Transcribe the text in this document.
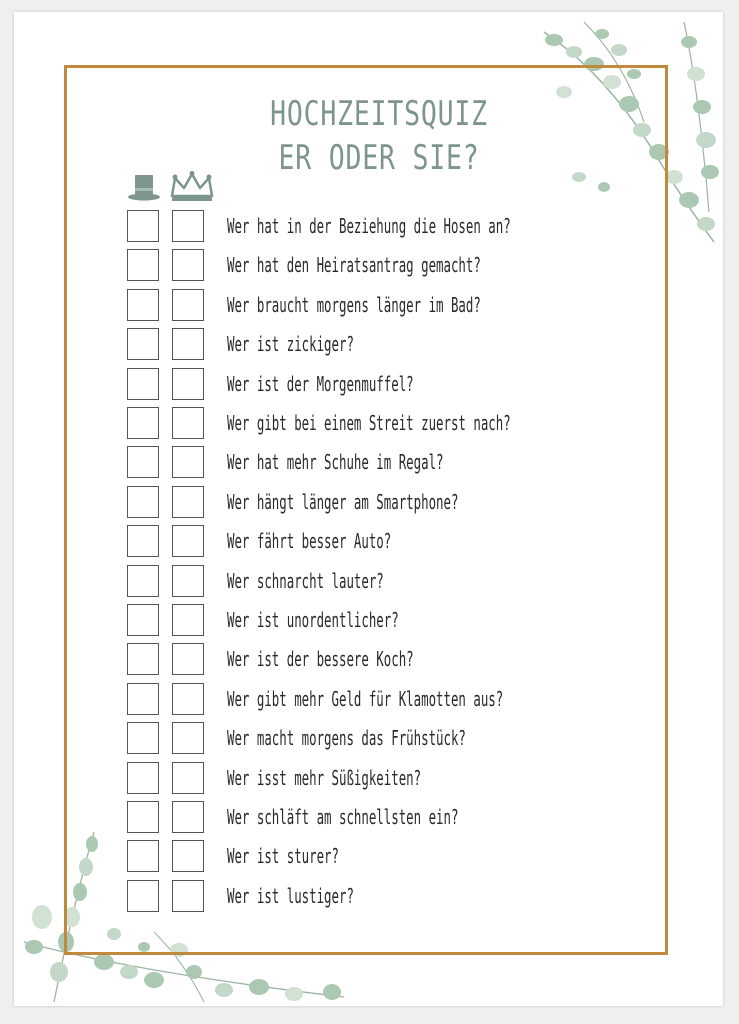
HOCHZEITSQUIZ
ER ODER SIE?
Wer hat in der Beziehung die Hosen an?
Wer hat den Heiratsantrag gemacht?
Wer braucht morgens länger im Bad?
Wer ist zickiger?
Wer ist der Morgenmuffel?
Wer gibt bei einem Streit zuerst nach?
Wer hat mehr Schuhe im Regal?
Wer hängt länger am Smartphone?
Wer fährt besser Auto?
Wer schnarcht lauter?
Wer ist unordentlicher?
Wer ist der bessere Koch?
Wer gibt mehr Geld für Klamotten aus?
Wer macht morgens das Frühstück?
Wer isst mehr Süßigkeiten?
Wer schläft am schnellsten ein?
Wer ist sturer?
Wer ist lustiger?
